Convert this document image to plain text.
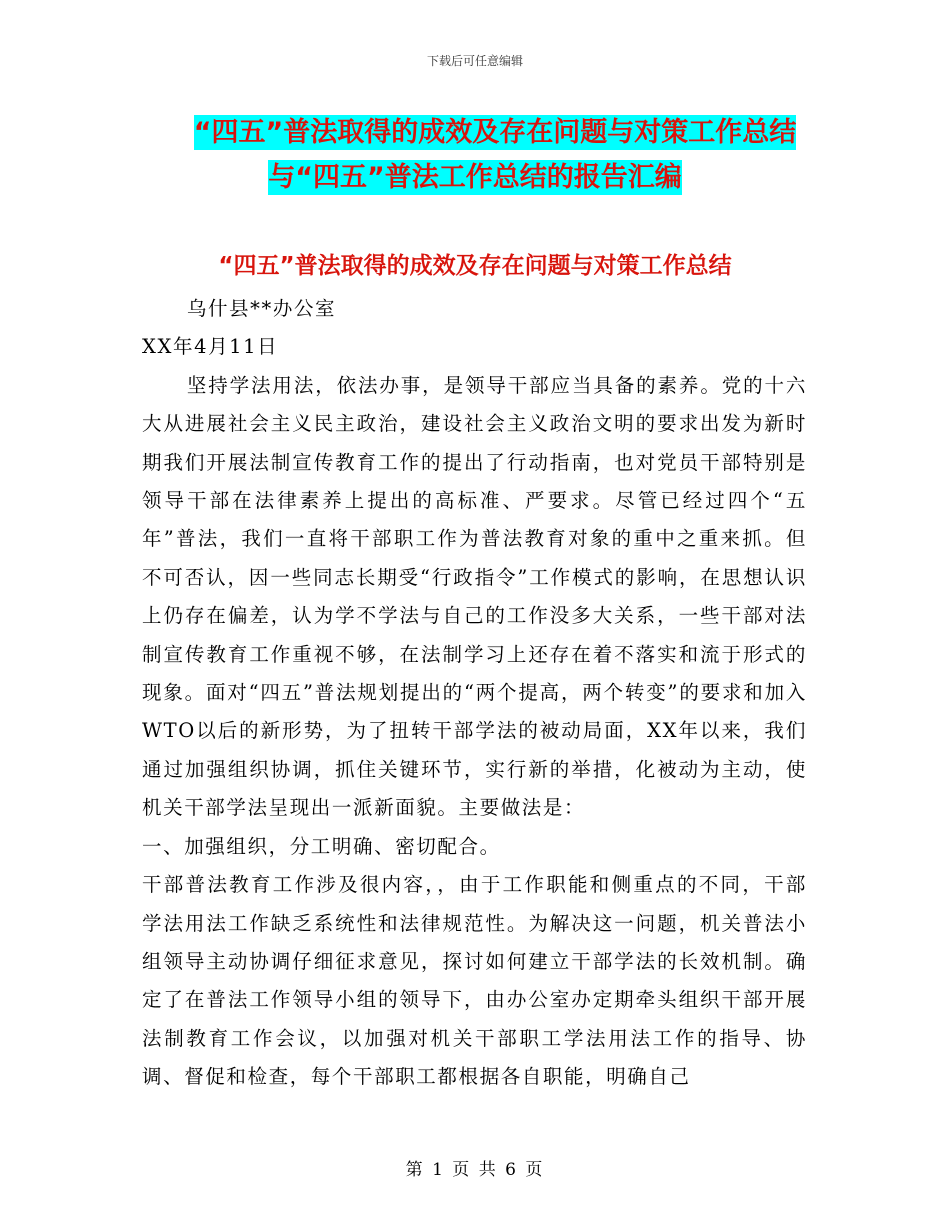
下载后可任意编辑
“四五”普法取得的成效及存在问题与对策工作总结
与“四五”普法工作总结的报告汇编
“四五”普法取得的成效及存在问题与对策工作总结

乌什县**办公室

XX年4月11日

坚持学法用法，依法办事，是领导干部应当具备的素养。党的十六大从进展社会主义民主政治，建设社会主义政治文明的要求出发为新时期我们开展法制宣传教育工作的提出了行动指南，也对党员干部特别是领导干部在法律素养上提出的高标准、严要求。尽管已经过四个“五年”普法，我们一直将干部职工作为普法教育对象的重中之重来抓。但不可否认，因一些同志长期受“行政指令”工作模式的影响，在思想认识上仍存在偏差，认为学不学法与自己的工作没多大关系，一些干部对法制宣传教育工作重视不够，在法制学习上还存在着不落实和流于形式的现象。面对“四五”普法规划提出的“两个提高，两个转变”的要求和加入WTO以后的新形势，为了扭转干部学法的被动局面，XX年以来，我们通过加强组织协调，抓住关键环节，实行新的举措，化被动为主动，使机关干部学法呈现出一派新面貌。主要做法是：

一、加强组织，分工明确、密切配合。

干部普法教育工作涉及很内容，，由于工作职能和侧重点的不同，干部学法用法工作缺乏系统性和法律规范性。为解决这一问题，机关普法小组领导主动协调仔细征求意见，探讨如何建立干部学法的长效机制。确定了在普法工作领导小组的领导下，由办公室办定期牵头组织干部开展法制教育工作会议，以加强对机关干部职工学法用法工作的指导、协调、督促和检查，每个干部职工都根据各自职能，明确自己

第 1 页 共 6 页
